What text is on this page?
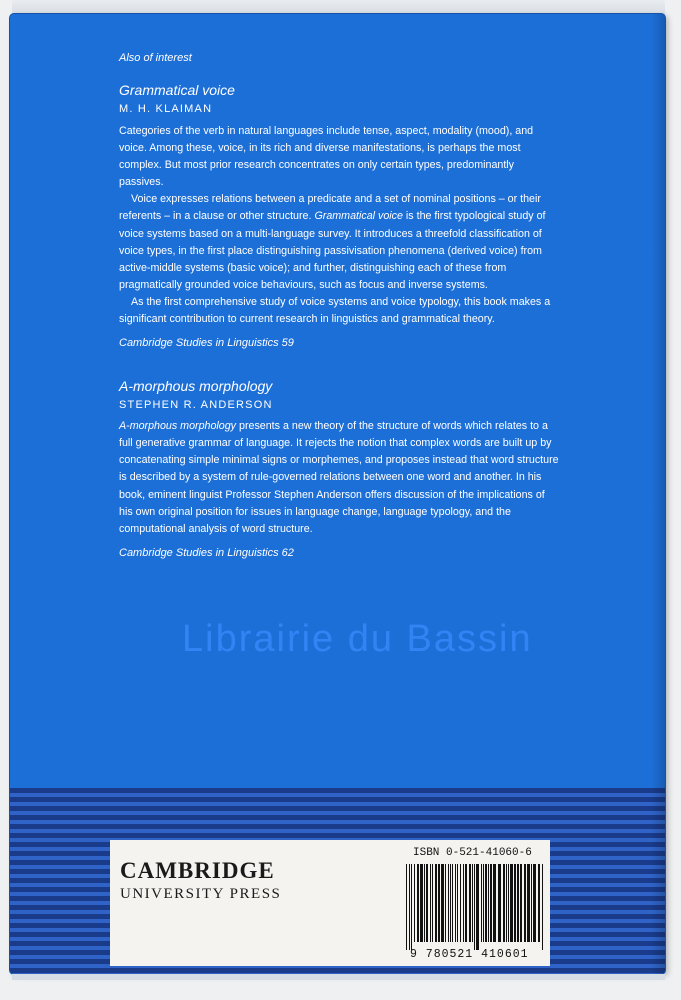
Also of interest

Grammatical voice

M. H. KLAIMAN

Categories of the verb in natural languages include tense, aspect, modality (mood), and voice. Among these, voice, in its rich and diverse manifestations, is perhaps the most complex. But most prior research concentrates on only certain types, predominantly passives.

Voice expresses relations between a predicate and a set of nominal positions – or their referents – in a clause or other structure. Grammatical voice is the first typological study of voice systems based on a multi-language survey. It introduces a threefold classification of voice types, in the first place distinguishing passivisation phenomena (derived voice) from active-middle systems (basic voice); and further, distinguishing each of these from pragmatically grounded voice behaviours, such as focus and inverse systems.

As the first comprehensive study of voice systems and voice typology, this book makes a significant contribution to current research in linguistics and grammatical theory.

Cambridge Studies in Linguistics 59

A-morphous morphology

STEPHEN R. ANDERSON

A-morphous morphology presents a new theory of the structure of words which relates to a full generative grammar of language. It rejects the notion that complex words are built up by concatenating simple minimal signs or morphemes, and proposes instead that word structure is described by a system of rule-governed relations between one word and another. In his book, eminent linguist Professor Stephen Anderson offers discussion of the implications of his own original position for issues in language change, language typology, and the computational analysis of word structure.

Cambridge Studies in Linguistics 62

Librairie du Bassin

CAMBRIDGE

UNIVERSITY PRESS

ISBN 0-521-41060-6

9 780521 410601
